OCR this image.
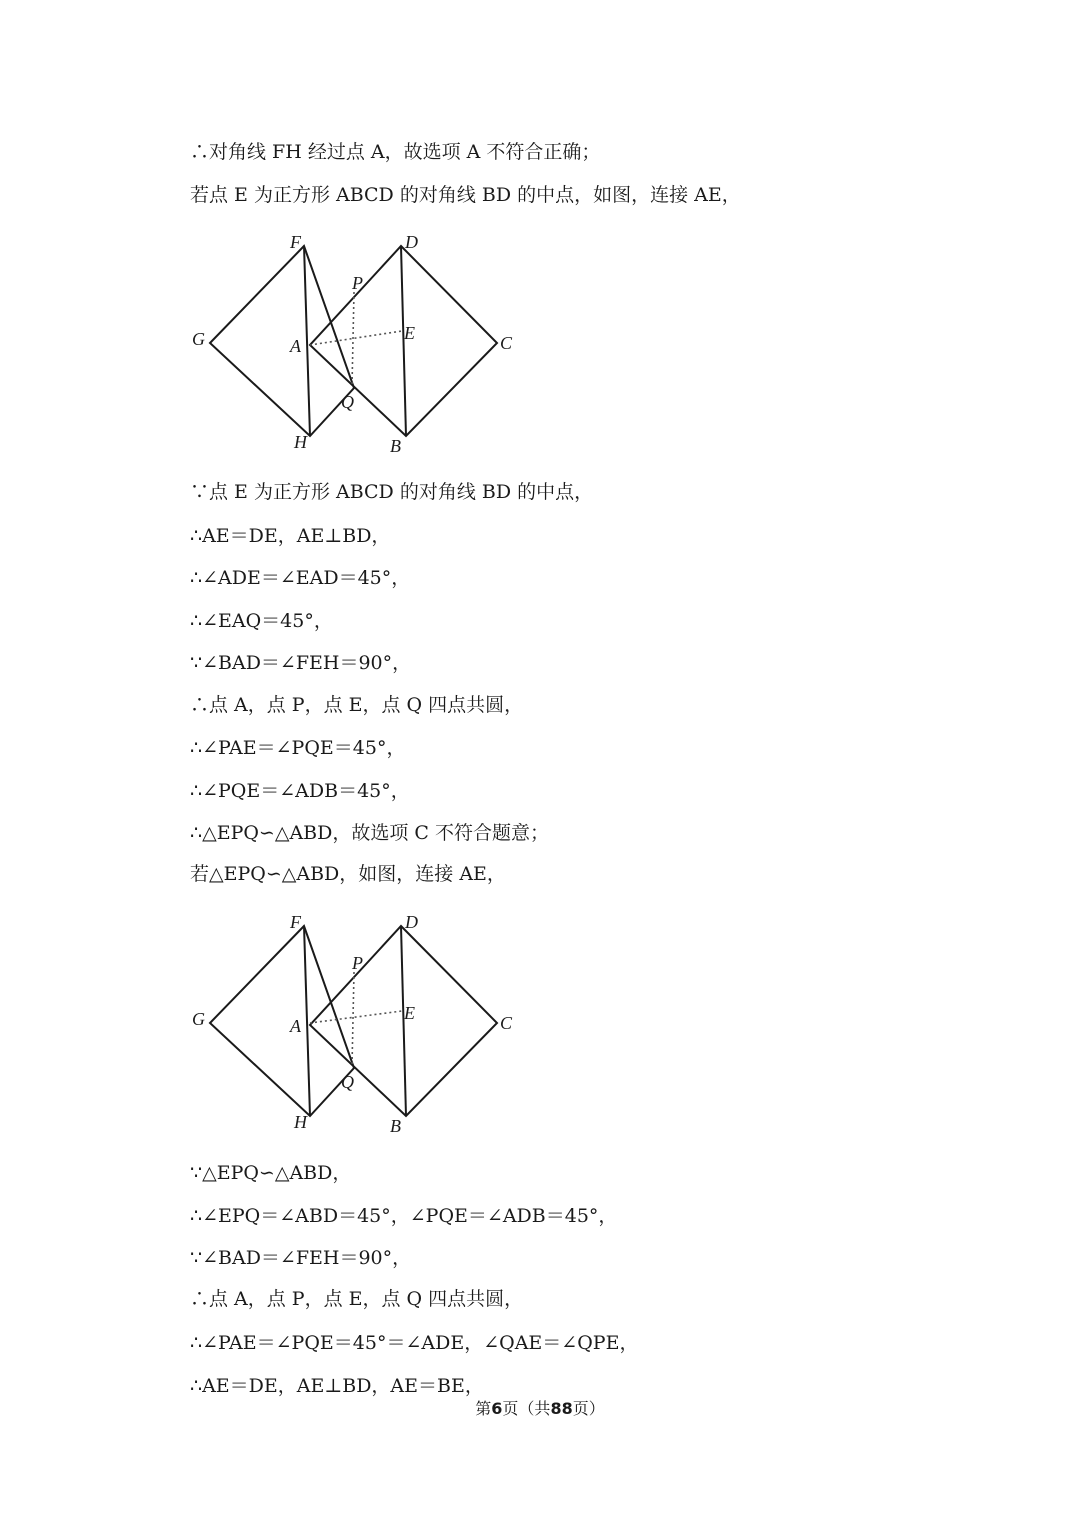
∴对角线 FH 经过点 A，故选项 A 不符合正确；
若点 E 为正方形 ABCD 的对角线 BD 的中点，如图，连接 AE，
F	D
P
G	A
E	C
Q
H	B
∵点 E 为正方形 ABCD 的对角线 BD 的中点，
∴AE＝DE，AE⊥BD，
∴∠ADE＝∠EAD＝45°，
∴∠EAQ＝45°，
∵∠BAD＝∠FEH＝90°，
∴点 A，点 P，点 E，点 Q 四点共圆，
∴∠PAE＝∠PQE＝45°，
∴∠PQE＝∠ADB＝45°，
∴△EPQ∽△ABD，故选项 C 不符合题意；
若△EPQ∽△ABD，如图，连接 AE，
F	D
P
G	A
E	C
Q
H	B
∵△EPQ∽△ABD，
∴∠EPQ＝∠ABD＝45°，∠PQE＝∠ADB＝45°，
∵∠BAD＝∠FEH＝90°，
∴点 A，点 P，点 E，点 Q 四点共圆，
∴∠PAE＝∠PQE＝45°＝∠ADE，∠QAE＝∠QPE，
∴AE＝DE，AE⊥BD，AE＝BE，
第6页（共88页）
